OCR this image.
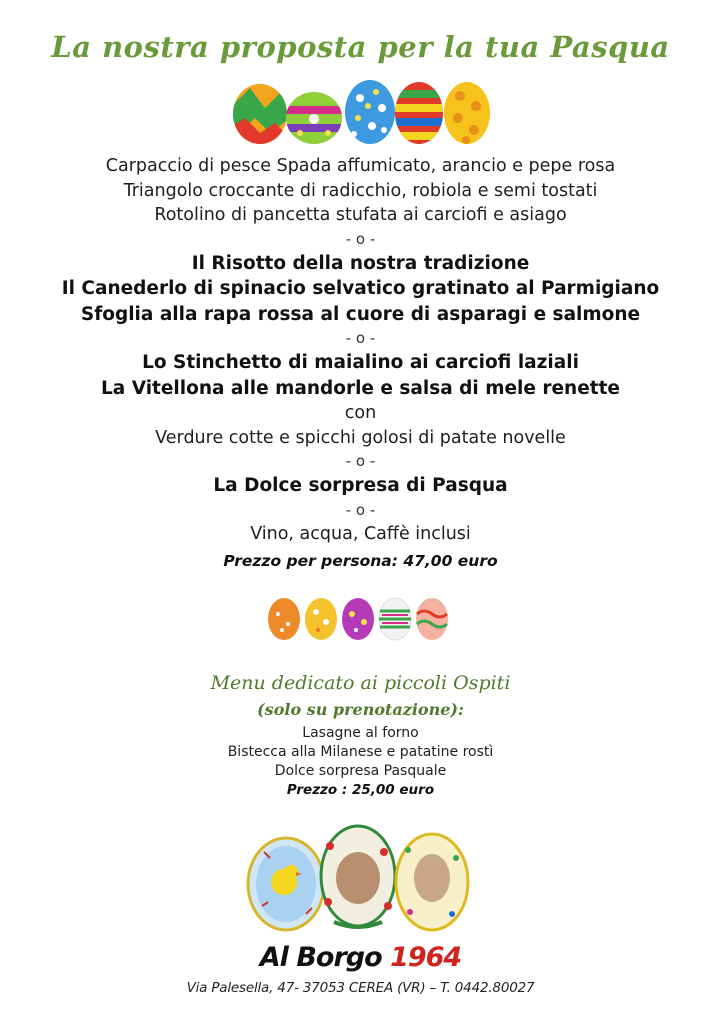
La nostra proposta per la tua Pasqua
Carpaccio di pesce Spada affumicato, arancio e pepe rosa
Triangolo croccante di radicchio, robiola e semi tostati
Rotolino di pancetta stufata ai carciofi e asiago
- o -
Il Risotto della nostra tradizione
Il Canederlo di spinacio selvatico gratinato al Parmigiano
Sfoglia alla rapa rossa al cuore di asparagi e salmone
- o -
Lo Stinchetto di maialino ai carciofi laziali
La Vitellona alle mandorle e salsa di mele renette
con
Verdure cotte e spicchi golosi di patate novelle
- o -
La Dolce sorpresa di Pasqua
- o -
Vino, acqua, Caffè inclusi
Prezzo per persona: 47,00 euro
Menu dedicato ai piccoli Ospiti
(solo su prenotazione):
Lasagne al forno
Bistecca alla Milanese e patatine rostì
Dolce sorpresa Pasquale
Prezzo : 25,00 euro
Al Borgo 1964
Via Palesella, 47- 37053 CEREA (VR) – T. 0442.80027
